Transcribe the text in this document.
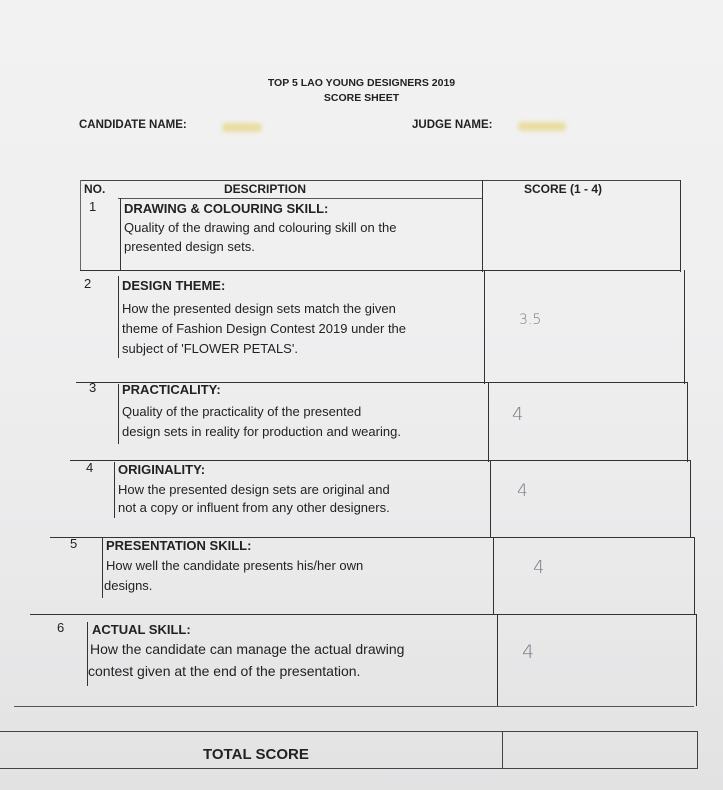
TOP 5 LAO YOUNG DESIGNERS 2019
SCORE SHEET
CANDIDATE NAME:	JUDGE NAME:
NO.	DESCRIPTION	SCORE (1 - 4)
1 DRAWING & COLOURING SKILL:
Quality of the drawing and colouring skill on the
presented design sets.
2 DESIGN THEME:
How the presented design sets match the given
theme of Fashion Design Contest 2019 under the
subject of 'FLOWER PETALS'.
3.5
3 PRACTICALITY:
Quality of the practicality of the presented
design sets in reality for production and wearing.
4
4 ORIGINALITY:
How the presented design sets are original and
not a copy or influent from any other designers.
4
5 PRESENTATION SKILL:
How well the candidate presents his/her own
designs.
4
6 ACTUAL SKILL:
How the candidate can manage the actual drawing
contest given at the end of the presentation.
4
TOTAL SCORE
